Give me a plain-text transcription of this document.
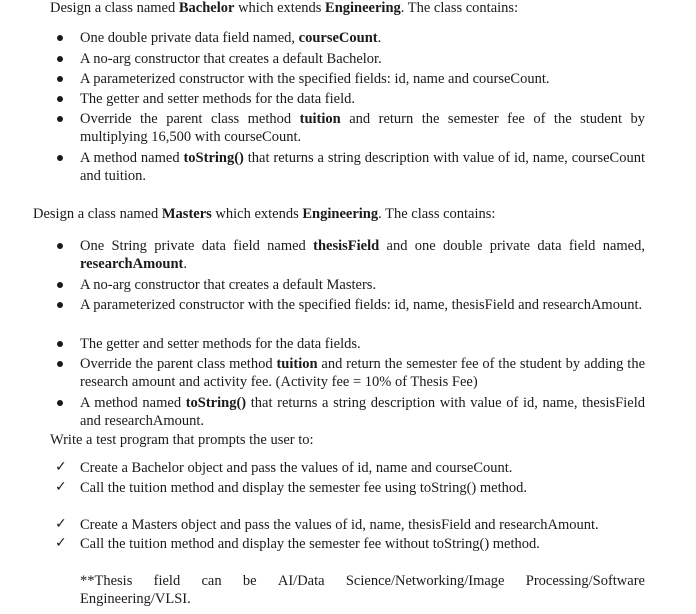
Design a class named Bachelor which extends Engineering. The class contains:

One double private data field named, courseCount.

A no-arg constructor that creates a default Bachelor.

A parameterized constructor with the specified fields: id, name and courseCount.

The getter and setter methods for the data field.

Override the parent class method tuition and return the semester fee of the student by multiplying 16,500 with courseCount.

A method named toString() that returns a string description with value of id, name, courseCount and tuition.

Design a class named Masters which extends Engineering. The class contains:

One String private data field named thesisField and one double private data field named, researchAmount.

A no-arg constructor that creates a default Masters.

A parameterized constructor with the specified fields: id, name, thesisField and researchAmount.

The getter and setter methods for the data fields.

Override the parent class method tuition and return the semester fee of the student by adding the research amount and activity fee. (Activity fee = 10% of Thesis Fee)

A method named toString() that returns a string description with value of id, name, thesisField and researchAmount.

Write a test program that prompts the user to:

✓ Create a Bachelor object and pass the values of id, name and courseCount.

✓ Call the tuition method and display the semester fee using toString() method.

✓ Create a Masters object and pass the values of id, name, thesisField and researchAmount.

✓ Call the tuition method and display the semester fee without toString() method.

**Thesis field can be AI/Data Science/Networking/Image Processing/Software
Engineering/VLSI.
